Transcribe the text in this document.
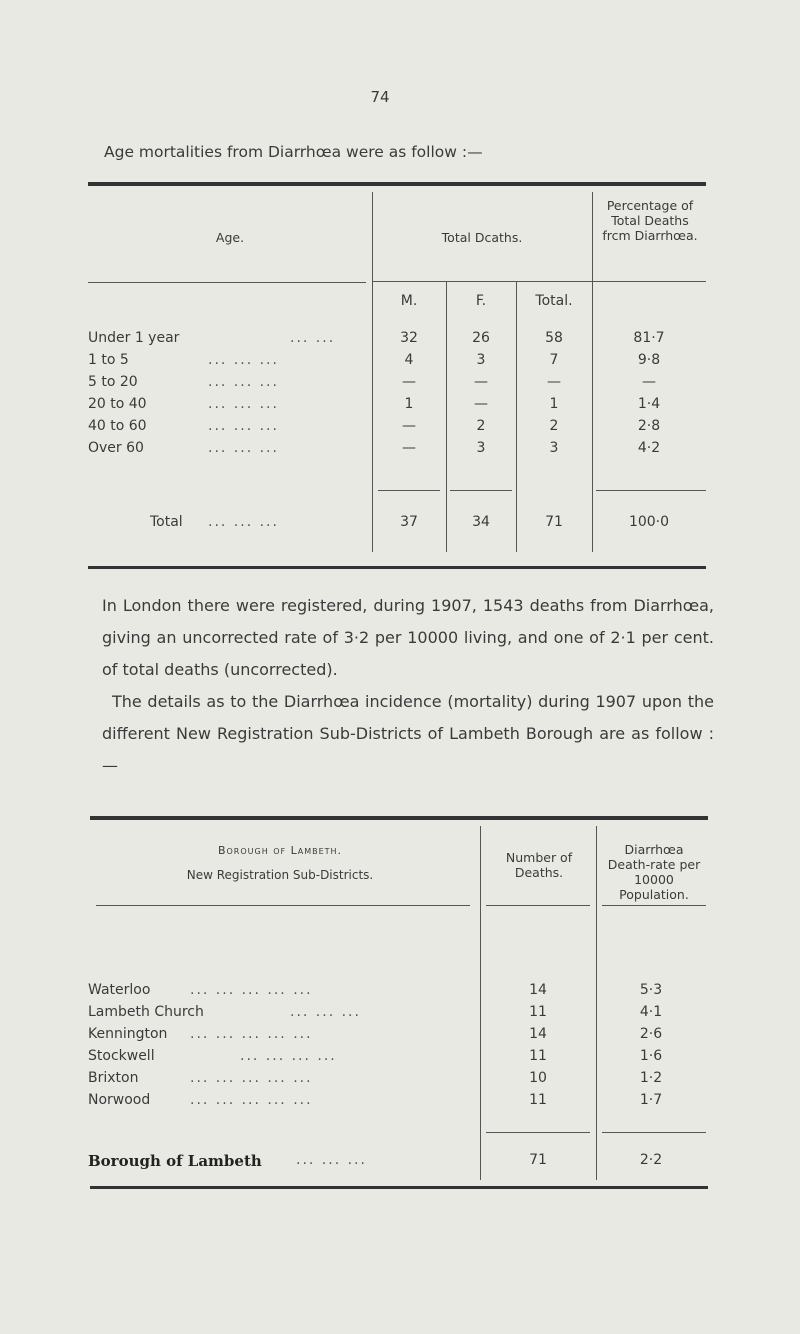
74
Age mortalities from Diarrhœa were as follow :—
Age.	Total Dcaths.
Percentage of Total Deaths frcm Diarrhœa.
M.	F.	Total.
Under 1 year	... ...	32	26	58	81·7
1 to 5	... ... ...	4	3	7	9·8
5 to 20	... ... ...	—	—	—	—
20 to 40	... ... ...	1	—	1	1·4
40 to 60	... ... ...	—	2	2	2·8
Over 60	... ... ...	—	3	3	4·2
Total ... ... ...	37	34	71	100·0
In London there were registered, during 1907, 1543 deaths from Diarrhœa, giving an uncorrected rate of 3·2 per 10000 living, and one of 2·1 per cent. of total deaths (uncorrected).
The details as to the Diarrhœa incidence (mortality) during 1907 upon the different New Registration Sub-Districts of Lambeth Borough are as follow :—
Borough of Lambeth.
New Registration Sub-Districts.
Number of Deaths.
Diarrhœa Death-rate per 10000 Population.
Waterloo	... ... ... ... ...	14	5·3
Lambeth Church	... ... ...	11	4·1
Kennington ... ... ... ... ...	14	2·6
Stockwell	... ... ... ...	11	1·6
Brixton	... ... ... ... ...	10	1·2
Norwood	... ... ... ... ...	11	1·7
Borough of Lambeth ... ... ...	71	2·2
